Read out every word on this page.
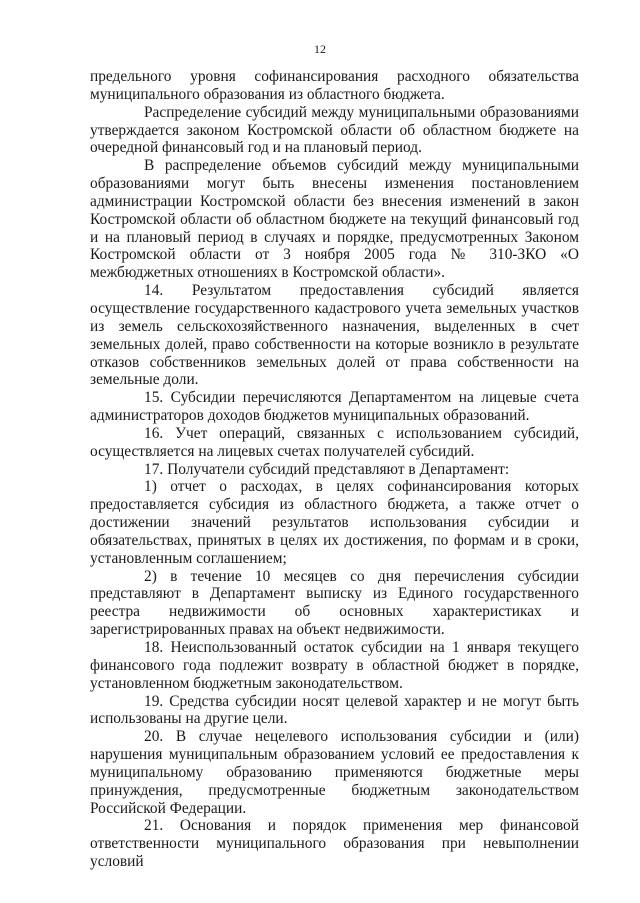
12

предельного уровня софинансирования расходного обязательства муниципального образования из областного бюджета.

Распределение субсидий между муниципальными образованиями утверждается законом Костромской области об областном бюджете на очередной финансовый год и на плановый период.

В распределение объемов субсидий между муниципальными образованиями могут быть внесены изменения постановлением администрации Костромской области без внесения изменений в закон Костромской области об областном бюджете на текущий финансовый год и на плановый период в случаях и порядке, предусмотренных Законом Костромской области от 3 ноября 2005 года № 310-ЗКО «О межбюджетных отношениях в Костромской области».

14. Результатом предоставления субсидий является осуществление государственного кадастрового учета земельных участков из земель сельскохозяйственного назначения, выделенных в счет земельных долей, право собственности на которые возникло в результате отказов собственников земельных долей от права собственности на земельные доли.

15. Субсидии перечисляются Департаментом на лицевые счета администраторов доходов бюджетов муниципальных образований.

16. Учет операций, связанных с использованием субсидий, осуществляется на лицевых счетах получателей субсидий.

17. Получатели субсидий представляют в Департамент:

1) отчет о расходах, в целях софинансирования которых предоставляется субсидия из областного бюджета, а также отчет о достижении значений результатов использования субсидии и обязательствах, принятых в целях их достижения, по формам и в сроки, установленным соглашением;

2) в течение 10 месяцев со дня перечисления субсидии представляют в Департамент выписку из Единого государственного реестра недвижимости об основных характеристиках и зарегистрированных правах на объект недвижимости.

18. Неиспользованный остаток субсидии на 1 января текущего финансового года подлежит возврату в областной бюджет в порядке, установленном бюджетным законодательством.

19. Средства субсидии носят целевой характер и не могут быть использованы на другие цели.

20. В случае нецелевого использования субсидии и (или) нарушения муниципальным образованием условий ее предоставления к муниципальному образованию применяются бюджетные меры принуждения, предусмотренные бюджетным законодательством Российской Федерации.

21. Основания и порядок применения мер финансовой ответственности муниципального образования при невыполнении условий
